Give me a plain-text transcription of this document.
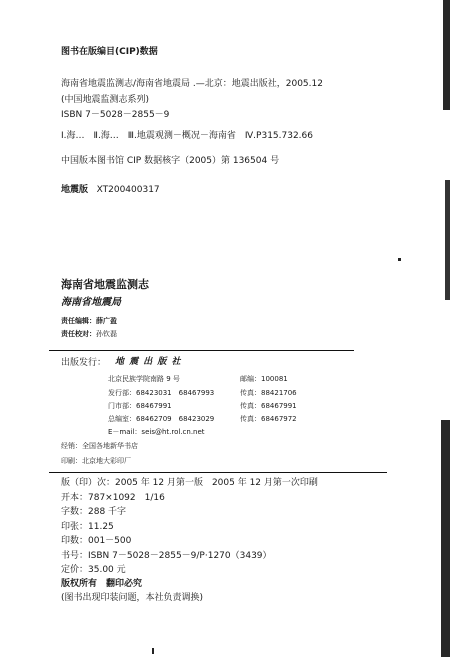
图书在版编目(CIP)数据
海南省地震监测志/海南省地震局 .—北京：地震出版社，2005.12
(中国地震监测志系列)
ISBN 7－5028－2855－9
Ⅰ.海…　Ⅱ.海…　Ⅲ.地震观测－概况－海南省　Ⅳ.P315.732.66
中国版本图书馆 CIP 数据核字（2005）第 136504 号
地震版 XT200400317
海南省地震监测志
海南省地震局
责任编辑：薛广盈
责任校对：孙钦磊
出版发行： 地 震 出 版 社
北京民族学院南路 9 号	邮编：100081
发行部：68423031　68467993	传真：88421706
门市部：68467991	传真：68467991
总编室：68462709　68423029	传真：68467972
E－mail：seis@ht.rol.cn.net
经销：全国各地新华书店
印刷：北京地大彩印厂
版（印）次：2005 年 12 月第一版　2005 年 12 月第一次印刷
开本：787×1092　1/16
字数：288 千字
印张：11.25
印数：001－500
书号：ISBN 7－5028－2855－9/P·1270（3439）
定价：35.00 元
版权所有　翻印必究
(图书出现印装问题，本社负责调换)
